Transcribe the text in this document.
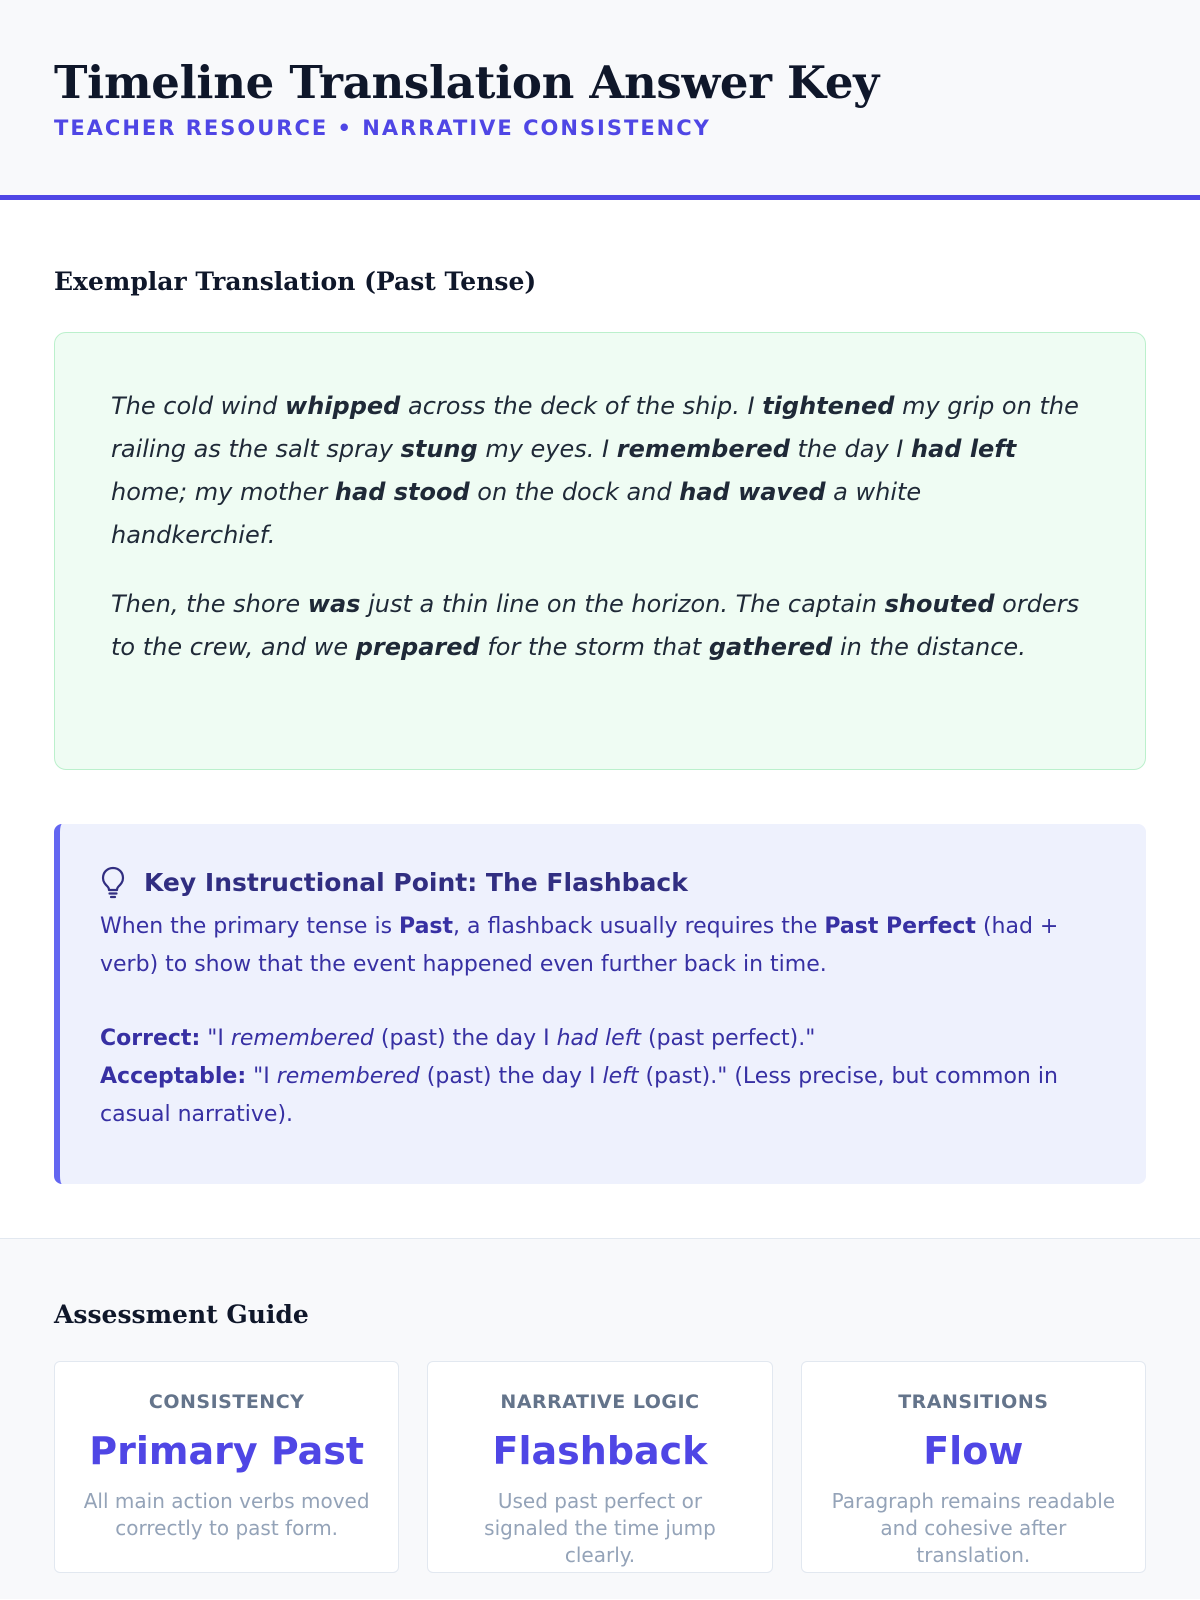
Timeline Translation Answer Key
TEACHER RESOURCE • NARRATIVE CONSISTENCY
Exemplar Translation (Past Tense)

The cold wind whipped across the deck of the ship. I tightened my grip on the railing as the salt spray stung my eyes. I remembered the day I had left home; my mother had stood on the dock and had waved a white handkerchief.

Then, the shore was just a thin line on the horizon. The captain shouted orders to the crew, and we prepared for the storm that gathered in the distance.

Key Instructional Point: The Flashback
When the primary tense is Past, a flashback usually requires the Past Perfect (had + verb) to show that the event happened even further back in time.
Correct: "I remembered (past) the day I had left (past perfect)."
Acceptable: "I remembered (past) the day I left (past)." (Less precise, but common in casual narrative).
Assessment Guide
CONSISTENCY
Primary Past
All main action verbs moved correctly to past form.
NARRATIVE LOGIC
Flashback
Used past perfect or signaled the time jump clearly.
TRANSITIONS
Flow
Paragraph remains readable and cohesive after translation.
